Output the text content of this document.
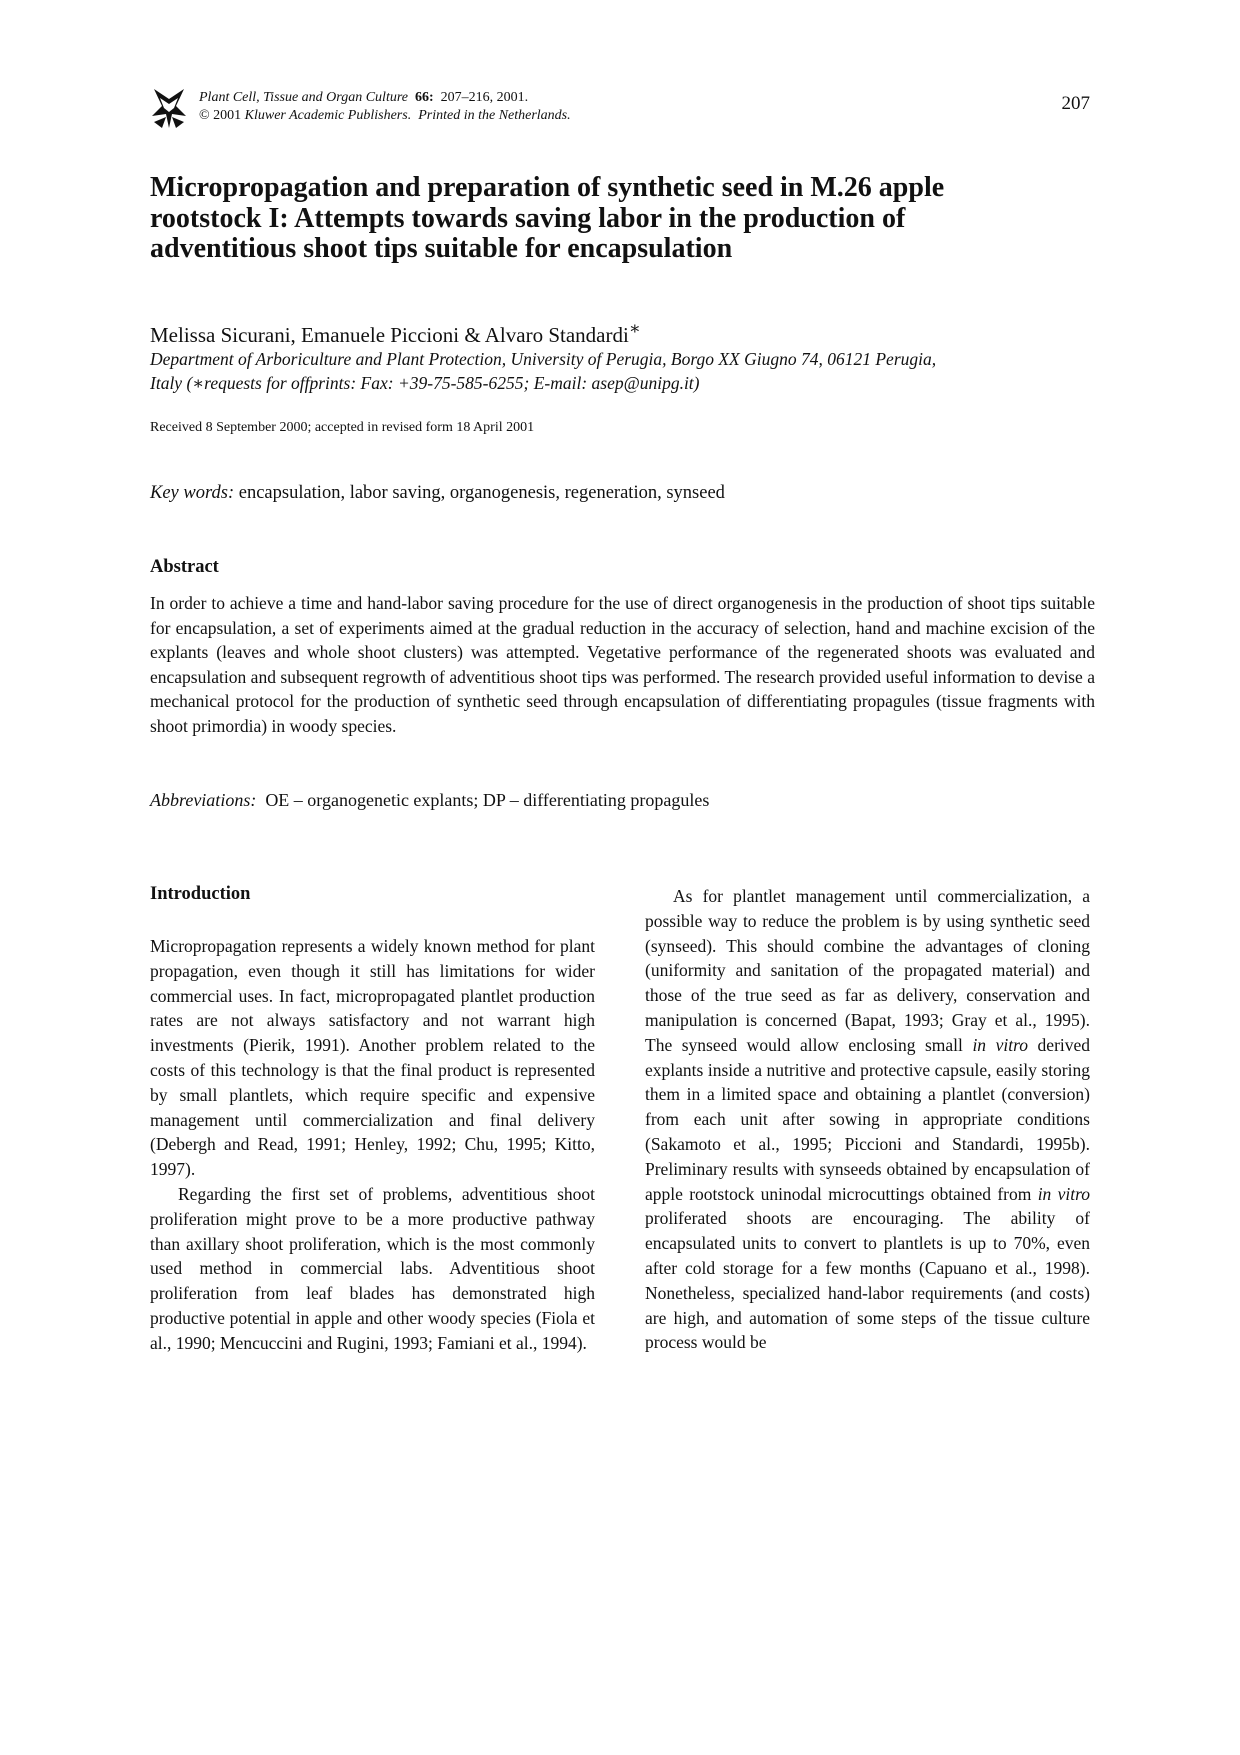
Plant Cell, Tissue and Organ Culture 66: 207–216, 2001.
© 2001 Kluwer Academic Publishers. Printed in the Netherlands.
207
Micropropagation and preparation of synthetic seed in M.26 apple
rootstock I: Attempts towards saving labor in the production of
adventitious shoot tips suitable for encapsulation
Melissa Sicurani, Emanuele Piccioni & Alvaro Standardi∗
Department of Arboriculture and Plant Protection, University of Perugia, Borgo XX Giugno 74, 06121 Perugia,
Italy (∗requests for offprints: Fax: +39-75-585-6255; E-mail: asep@unipg.it)
Received 8 September 2000; accepted in revised form 18 April 2001
Key words: encapsulation, labor saving, organogenesis, regeneration, synseed
Abstract

In order to achieve a time and hand-labor saving procedure for the use of direct organogenesis in the production of shoot tips suitable for encapsulation, a set of experiments aimed at the gradual reduction in the accuracy of selection, hand and machine excision of the explants (leaves and whole shoot clusters) was attempted. Vegetative performance of the regenerated shoots was evaluated and encapsulation and subsequent regrowth of adventitious shoot tips was performed. The research provided useful information to devise a mechanical protocol for the production of synthetic seed through encapsulation of differentiating propagules (tissue fragments with shoot primordia) in woody species.

Abbreviations: OE – organogenetic explants; DP – differentiating propagules
Introduction

Micropropagation represents a widely known method for plant propagation, even though it still has limitations for wider commercial uses. In fact, micropropagated plantlet production rates are not always satisfactory and not warrant high investments (Pierik, 1991). Another problem related to the costs of this technology is that the final product is represented by small plantlets, which require specific and expensive management until commercialization and final delivery (Debergh and Read, 1991; Henley, 1992; Chu, 1995; Kitto, 1997).

Regarding the first set of problems, adventitious shoot proliferation might prove to be a more productive pathway than axillary shoot proliferation, which is the most commonly used method in commercial labs. Adventitious shoot proliferation from leaf blades has demonstrated high productive potential in apple and other woody species (Fiola et al., 1990; Mencuccini and Rugini, 1993; Famiani et al., 1994).

As for plantlet management until commercialization, a possible way to reduce the problem is by using synthetic seed (synseed). This should combine the advantages of cloning (uniformity and sanitation of the propagated material) and those of the true seed as far as delivery, conservation and manipulation is concerned (Bapat, 1993; Gray et al., 1995). The synseed would allow enclosing small in vitro derived explants inside a nutritive and protective capsule, easily storing them in a limited space and obtaining a plantlet (conversion) from each unit after sowing in appropriate conditions (Sakamoto et al., 1995; Piccioni and Standardi, 1995b). Preliminary results with synseeds obtained by encapsulation of apple rootstock uninodal microcuttings obtained from in vitro proliferated shoots are encouraging. The ability of encapsulated units to convert to plantlets is up to 70%, even after cold storage for a few months (Capuano et al., 1998). Nonetheless, specialized hand-labor requirements (and costs) are high, and automation of some steps of the tissue culture process would be
